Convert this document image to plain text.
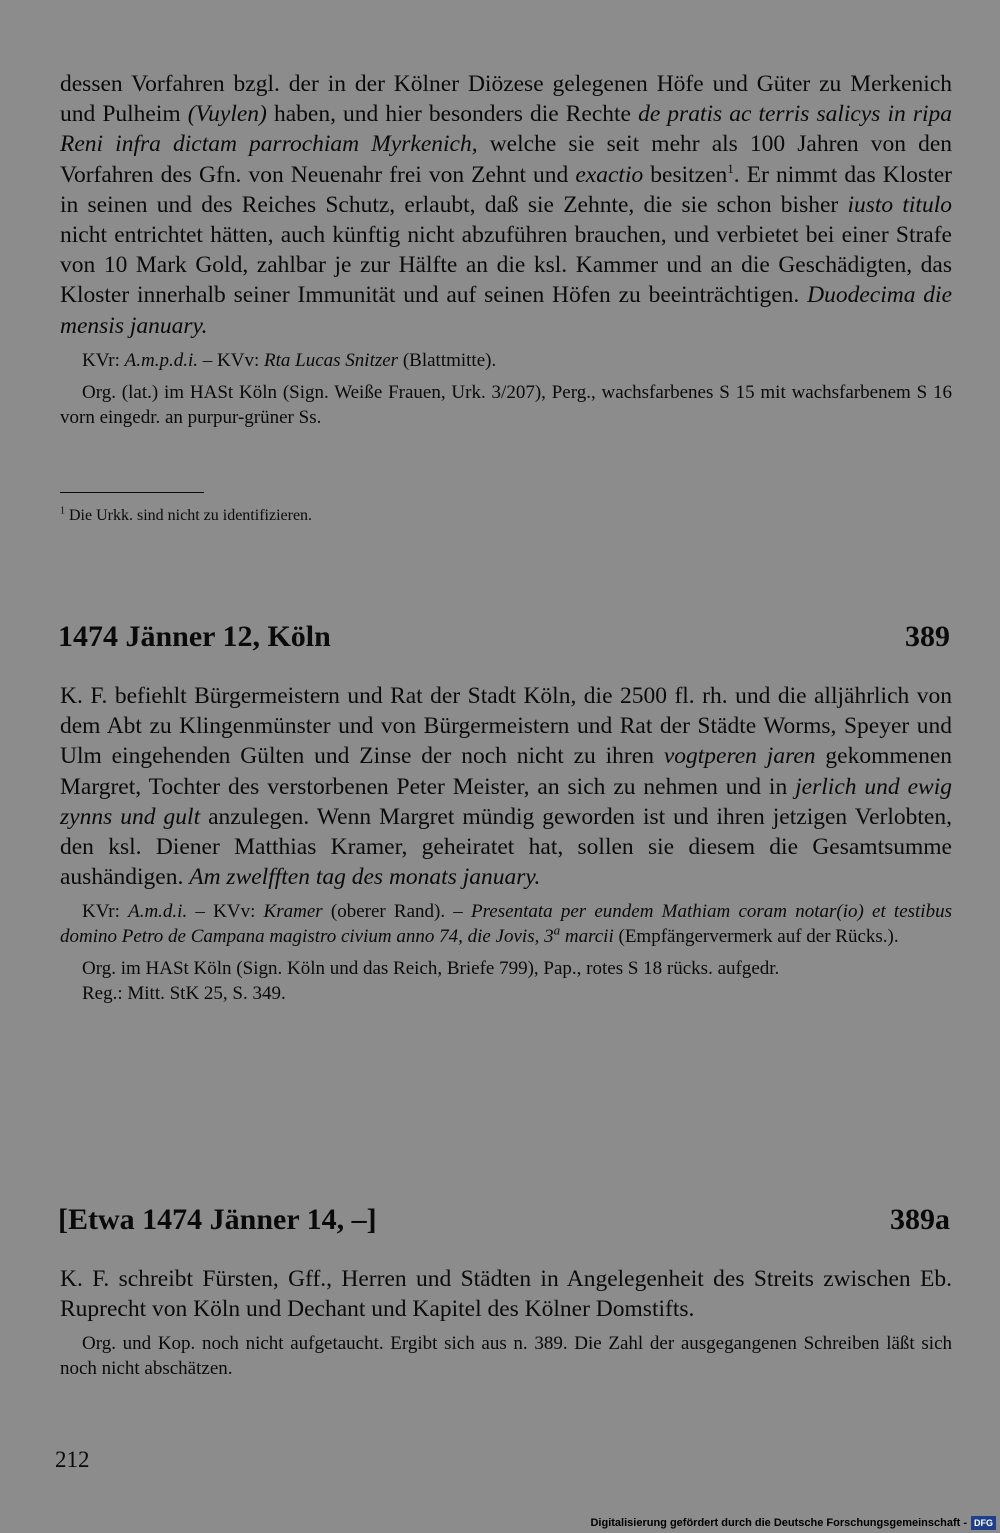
dessen Vorfahren bzgl. der in der Kölner Diözese gelegenen Höfe und Güter zu Merkenich und Pulheim (Vuylen) haben, und hier besonders die Rechte de pratis ac terris salicys in ripa Reni infra dictam parrochiam Myrkenich, welche sie seit mehr als 100 Jahren von den Vorfahren des Gfn. von Neuenahr frei von Zehnt und exactio besitzen$^1$. Er nimmt das Kloster in seinen und des Reiches Schutz, erlaubt, daß sie Zehnte, die sie schon bisher iusto titulo nicht entrichtet hätten, auch künftig nicht abzuführen brauchen, und verbietet bei einer Strafe von 10 Mark Gold, zahlbar je zur Hälfte an die ksl. Kammer und an die Geschädigten, das Kloster innerhalb seiner Immunität und auf seinen Höfen zu beeinträchtigen. Duodecima die mensis january.

KVr: A.m.p.d.i. – KVv: Rta Lucas Snitzer (Blattmitte).

Org. (lat.) im HASt Köln (Sign. Weiße Frauen, Urk. 3/207), Perg., wachsfarbenes S 15 mit wachsfarbenem S 16 vorn eingedr. an purpur-grüner Ss.

$^1$ Die Urkk. sind nicht zu identifizieren.
1474 Jänner 12, Köln	389

K. F. befiehlt Bürgermeistern und Rat der Stadt Köln, die 2500 fl. rh. und die alljährlich von dem Abt zu Klingenmünster und von Bürgermeistern und Rat der Städte Worms, Speyer und Ulm eingehenden Gülten und Zinse der noch nicht zu ihren vogtperen jaren gekommenen Margret, Tochter des verstorbenen Peter Meister, an sich zu nehmen und in jerlich und ewig zynns und gult anzulegen. Wenn Margret mündig geworden ist und ihren jetzigen Verlobten, den ksl. Diener Matthias Kramer, geheiratet hat, sollen sie diesem die Gesamtsumme aushändigen. Am zwelfften tag des monats january.

KVr: A.m.d.i. – KVv: Kramer (oberer Rand). – Presentata per eundem Mathiam coram notar(io) et testibus domino Petro de Campana magistro civium anno 74, die Jovis, 3$^a$ marcii (Empfängervermerk auf der Rücks.).

Org. im HASt Köln (Sign. Köln und das Reich, Briefe 799), Pap., rotes S 18 rücks. aufgedr.

Reg.: Mitt. StK 25, S. 349.

[Etwa 1474 Jänner 14, –]	389a

K. F. schreibt Fürsten, Gff., Herren und Städten in Angelegenheit des Streits zwischen Eb. Ruprecht von Köln und Dechant und Kapitel des Kölner Domstifts.

Org. und Kop. noch nicht aufgetaucht. Ergibt sich aus n. 389. Die Zahl der ausgegangenen Schreiben läßt sich noch nicht abschätzen.

212
Digitalisierung gefördert durch die Deutsche Forschungsgemeinschaft - DFG
